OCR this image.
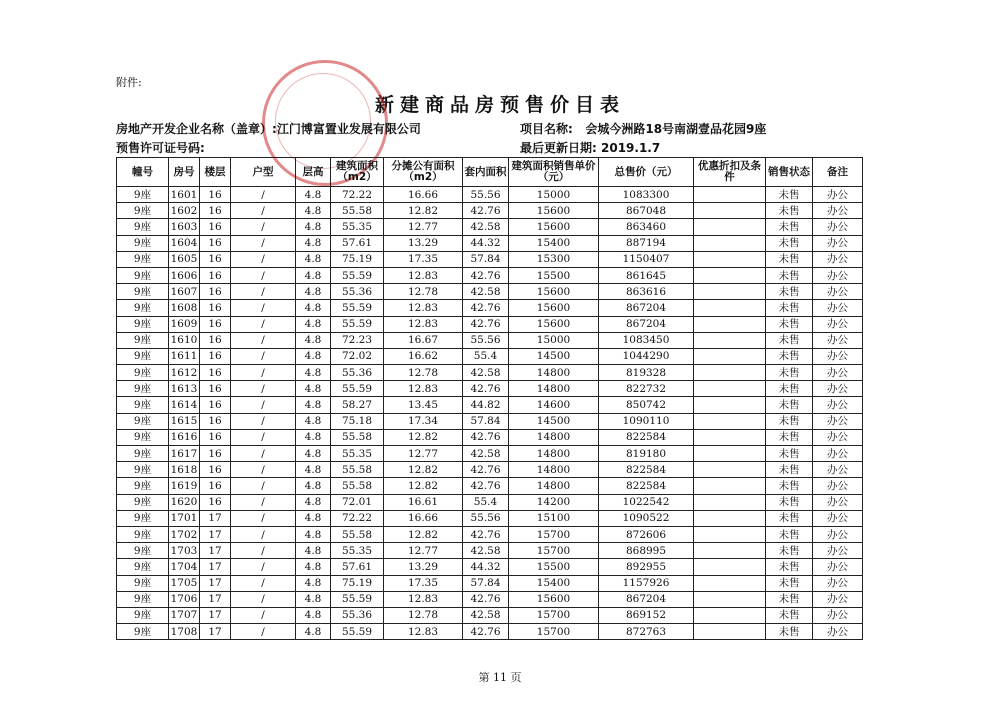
附件:
新建商品房预售价目表
房地产开发企业名称（盖章）:江门博富置业发展有限公司
预售许可证号码:
项目名称: 会城今洲路18号南湖壹品花园9座
最后更新日期: 2019.1.7
幢号	房号	楼层	户型	层高	建筑面积（m2）	分摊公有面积（m2）	套内面积	建筑面积销售单价（元）	总售价（元）	优惠折扣及条件	销售状态	备注
9座	1601	16	/	4.8	72.22	16.66	55.56	15000	1083300		未售	办公
9座	1602	16	/	4.8	55.58	12.82	42.76	15600	867048		未售	办公
9座	1603	16	/	4.8	55.35	12.77	42.58	15600	863460		未售	办公
9座	1604	16	/	4.8	57.61	13.29	44.32	15400	887194		未售	办公
9座	1605	16	/	4.8	75.19	17.35	57.84	15300	1150407		未售	办公
9座	1606	16	/	4.8	55.59	12.83	42.76	15500	861645		未售	办公
9座	1607	16	/	4.8	55.36	12.78	42.58	15600	863616		未售	办公
9座	1608	16	/	4.8	55.59	12.83	42.76	15600	867204		未售	办公
9座	1609	16	/	4.8	55.59	12.83	42.76	15600	867204		未售	办公
9座	1610	16	/	4.8	72.23	16.67	55.56	15000	1083450		未售	办公
9座	1611	16	/	4.8	72.02	16.62	55.4	14500	1044290		未售	办公
9座	1612	16	/	4.8	55.36	12.78	42.58	14800	819328		未售	办公
9座	1613	16	/	4.8	55.59	12.83	42.76	14800	822732		未售	办公
9座	1614	16	/	4.8	58.27	13.45	44.82	14600	850742		未售	办公
9座	1615	16	/	4.8	75.18	17.34	57.84	14500	1090110		未售	办公
9座	1616	16	/	4.8	55.58	12.82	42.76	14800	822584		未售	办公
9座	1617	16	/	4.8	55.35	12.77	42.58	14800	819180		未售	办公
9座	1618	16	/	4.8	55.58	12.82	42.76	14800	822584		未售	办公
9座	1619	16	/	4.8	55.58	12.82	42.76	14800	822584		未售	办公
9座	1620	16	/	4.8	72.01	16.61	55.4	14200	1022542		未售	办公
9座	1701	17	/	4.8	72.22	16.66	55.56	15100	1090522		未售	办公
9座	1702	17	/	4.8	55.58	12.82	42.76	15700	872606		未售	办公
9座	1703	17	/	4.8	55.35	12.77	42.58	15700	868995		未售	办公
9座	1704	17	/	4.8	57.61	13.29	44.32	15500	892955		未售	办公
9座	1705	17	/	4.8	75.19	17.35	57.84	15400	1157926		未售	办公
9座	1706	17	/	4.8	55.59	12.83	42.76	15600	867204		未售	办公
9座	1707	17	/	4.8	55.36	12.78	42.58	15700	869152		未售	办公
9座	1708	17	/	4.8	55.59	12.83	42.76	15700	872763		未售	办公
第 11 页
